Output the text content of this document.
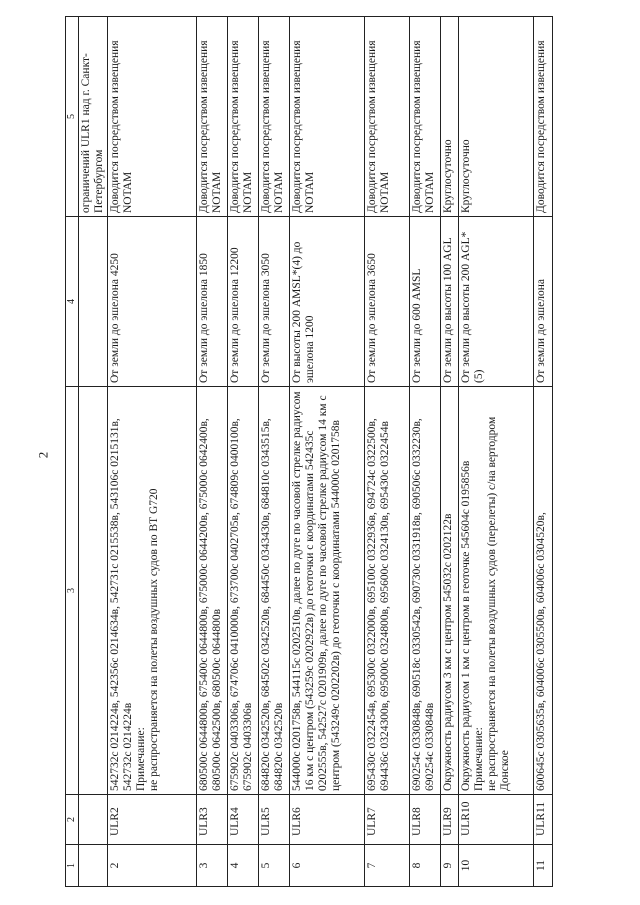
2
1	2	3	4	5
				ограничений ULR1 над г. Санкт-Петербургом
2	ULR2	542732с 0214224в, 542356с 0214634в, 542731с 0215538в, 543106с 0215131в, 542732с 0214224в Примечание: не распространяется на полеты воздушных судов по ВТ G720	От земли до эшелона 4250	Доводится посредством извещения NOTAM
3	ULR3	680500с 0644800в, 675400с 0644800в, 675000с 0644200в, 675000с 0642400в, 680500с 0642500в, 680500с 0644800в	От земли до эшелона 1850	Доводится посредством извещения NOTAM
4	ULR4	675902с 0403306в, 674706с 0410000в, 673700с 0402705в, 674809с 0400100в, 675902с 0403306в	От земли до эшелона 12200	Доводится посредством извещения NOTAM
5	ULR5	684820с 0342520в, 684502с 0342520в, 684450с 0343430в, 684810с 0343515в, 684820с 0342520в	От земли до эшелона 3050	Доводится посредством извещения NOTAM
6	ULR6	544000с 0201758в, 544115с 0202510в, далее по дуге по часовой стрелке радиусом 16 км с центром (543259с 0202922в) до геоточки с координатами 542435с 0202555в, 542527с 0201909в, далее по дуге по часовой стрелке радиусом 14 км с центром (543249с 0202202в) до геоточки с координатами 544000с 0201758в	От высоты 200 AMSL*(4) до эшелона 1200	Доводится посредством извещения NOTAM
7	ULR7	695430с 0322454в, 695300с 0322000в, 695100с 0322936в, 694724с 0322500в, 694436с 0324300в, 695000с 0324800в, 695600с 0324130в, 695430с 0322454в	От земли до эшелона 3650	Доводится посредством извещения NOTAM
8	ULR8	690254с 0330848в, 690518с 0330542в, 690730с 0331918в, 690506с 0332230в, 690254с 0330848в	От земли до 600 AMSL	Доводится посредством извещения NOTAM
9	ULR9	Окружность радиусом 3 км с центром 545032с 0202122в	От земли до высоты 100 AGL	Круглосуточно
10	ULR10	Окружность радиусом 1 км с центром в геоточке 545604с 0195856в Примечание: не распространяется на полеты воздушных судов (перелеты) с/на вертодром Донское	От земли до высоты 200 AGL*(5)	Круглосуточно
11	ULR11	600645с 0305635в, 604006с 0305500в, 604006с 0304520в,	От земли до эшелона	Доводится посредством извещения
